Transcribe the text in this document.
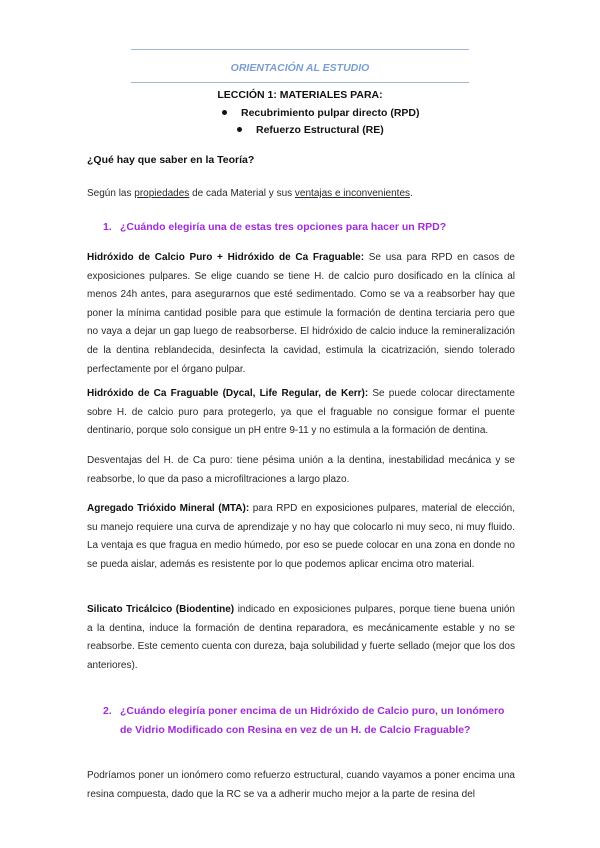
ORIENTACIÓN AL ESTUDIO
LECCIÓN 1: MATERIALES PARA:
Recubrimiento pulpar directo (RPD)
Refuerzo Estructural (RE)
¿Qué hay que saber en la Teoría?
Según las propiedades de cada Material y sus ventajas e inconvenientes.
1. ¿Cuándo elegiría una de estas tres opciones para hacer un RPD?
Hidróxido de Calcio Puro + Hidróxido de Ca Fraguable: Se usa para RPD en casos de exposiciones pulpares. Se elige cuando se tiene H. de calcio puro dosificado en la clínica al menos 24h antes, para asegurarnos que esté sedimentado. Como se va a reabsorber hay que poner la mínima cantidad posible para que estimule la formación de dentina terciaria pero que no vaya a dejar un gap luego de reabsorberse. El hidróxido de calcio induce la remineralización de la dentina reblandecida, desinfecta la cavidad, estimula la cicatrización, siendo tolerado perfectamente por el órgano pulpar.
Hidróxido de Ca Fraguable (Dycal, Life Regular, de Kerr): Se puede colocar directamente sobre H. de calcio puro para protegerlo, ya que el fraguable no consigue formar el puente dentinario, porque solo consigue un pH entre 9-11 y no estimula a la formación de dentina.
Desventajas del H. de Ca puro: tiene pésima unión a la dentina, inestabilidad mecánica y se reabsorbe, lo que da paso a microfiltraciones a largo plazo.
Agregado Trióxido Mineral (MTA): para RPD en exposiciones pulpares, material de elección, su manejo requiere una curva de aprendizaje y no hay que colocarlo ni muy seco, ni muy fluido. La ventaja es que fragua en medio húmedo, por eso se puede colocar en una zona en donde no se pueda aislar, además es resistente por lo que podemos aplicar encima otro material.
Silicato Tricálcico (Biodentine) indicado en exposiciones pulpares, porque tiene buena unión a la dentina, induce la formación de dentina reparadora, es mecánicamente estable y no se reabsorbe. Este cemento cuenta con dureza, baja solubilidad y fuerte sellado (mejor que los dos anteriores).
2. ¿Cuándo elegiría poner encima de un Hidróxido de Calcio puro, un Ionómero de Vidrio Modificado con Resina en vez de un H. de Calcio Fraguable?
Podríamos poner un ionómero como refuerzo estructural, cuando vayamos a poner encima una resina compuesta, dado que la RC se va a adherir mucho mejor a la parte de resina del
